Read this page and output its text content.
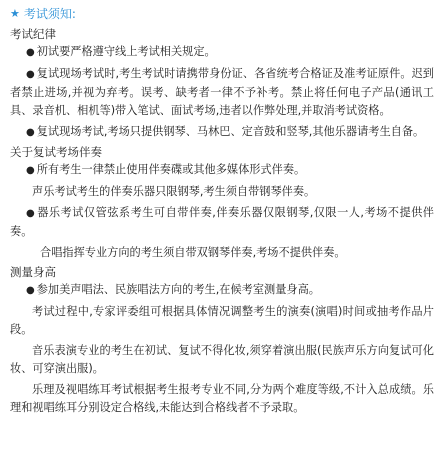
★ 考试须知:
考试纪律

● 初试要严格遵守线上考试相关规定。

● 复试现场考试时,考生考试时请携带身份证、各省统考合格证及准考证原件。迟到者禁止进场,并视为弃考。误考、缺考者一律不予补考。禁止将任何电子产品(通讯工具、录音机、相机等)带入笔试、面试考场,违者以作弊处理,并取消考试资格。

● 复试现场考试,考场只提供钢琴、马林巴、定音鼓和竖琴,其他乐器请考生自备。

关于复试考场伴奏

● 所有考生一律禁止使用伴奏碟或其他多媒体形式伴奏。

声乐考试考生的伴奏乐器只限钢琴,考生须自带钢琴伴奏。

● 器乐考试仅管弦系考生可自带伴奏,伴奏乐器仅限钢琴,仅限一人,考场不提供伴奏。

合唱指挥专业方向的考生须自带双钢琴伴奏,考场不提供伴奏。

测量身高

● 参加美声唱法、民族唱法方向的考生,在候考室测量身高。

考试过程中,专家评委组可根据具体情况调整考生的演奏(演唱)时间或抽考作品片段。

音乐表演专业的考生在初试、复试不得化妆,须穿着演出服(民族声乐方向复试可化妆、可穿演出服)。

乐理及视唱练耳考试根据考生报考专业不同,分为两个难度等级,不计入总成绩。乐理和视唱练耳分别设定合格线,未能达到合格线者不予录取。
